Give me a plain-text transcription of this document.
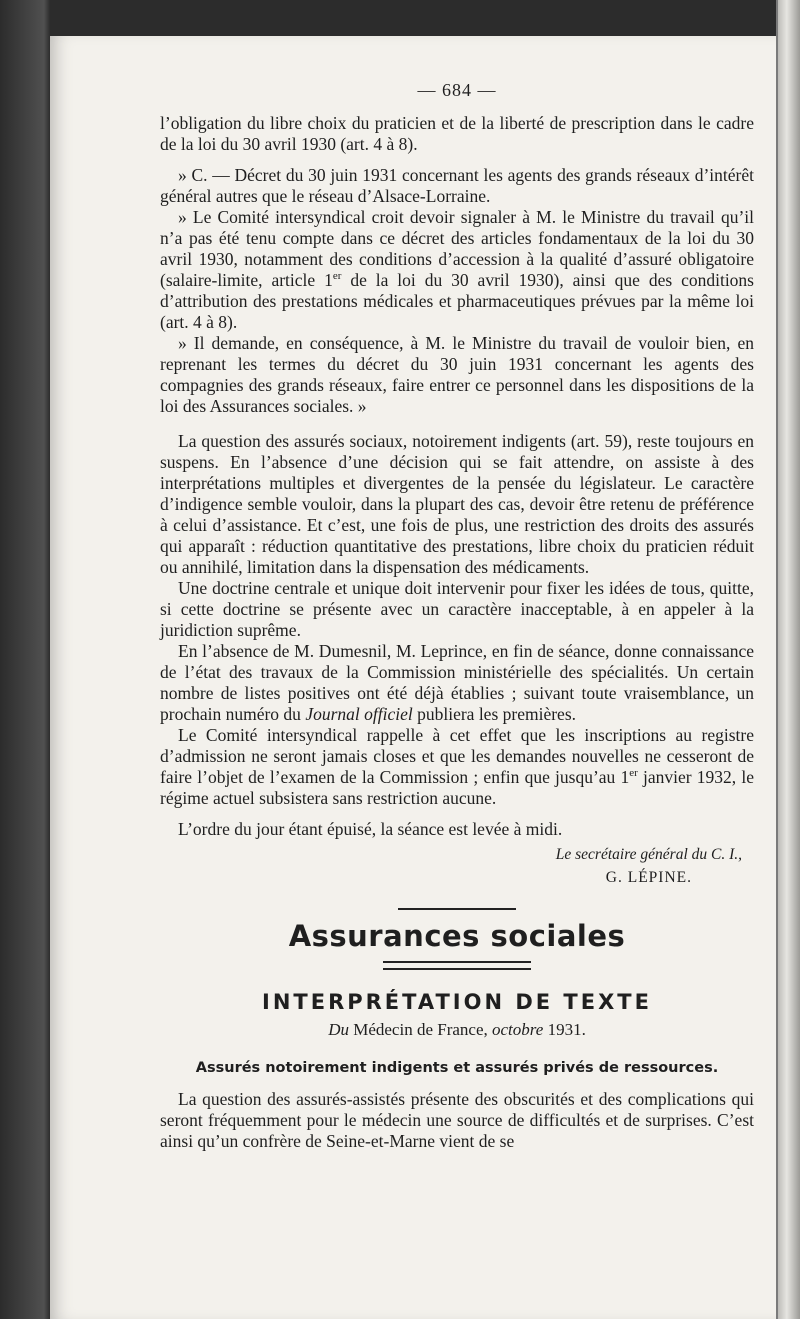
— 684 —

l’obligation du libre choix du praticien et de la liberté de prescription dans le cadre de la loi du 30 avril 1930 (art. 4 à 8).

» C. — Décret du 30 juin 1931 concernant les agents des grands réseaux d’intérêt général autres que le réseau d’Alsace-Lorraine.

» Le Comité intersyndical croit devoir signaler à M. le Ministre du travail qu’il n’a pas été tenu compte dans ce décret des articles fondamentaux de la loi du 30 avril 1930, notamment des conditions d’accession à la qualité d’assuré obligatoire (salaire-limite, article 1er de la loi du 30 avril 1930), ainsi que des conditions d’attribution des prestations médicales et pharmaceutiques prévues par la même loi (art. 4 à 8).

» Il demande, en conséquence, à M. le Ministre du travail de vouloir bien, en reprenant les termes du décret du 30 juin 1931 concernant les agents des compagnies des grands réseaux, faire entrer ce personnel dans les dispositions de la loi des Assurances sociales. »

La question des assurés sociaux, notoirement indigents (art. 59), reste toujours en suspens. En l’absence d’une décision qui se fait attendre, on assiste à des interprétations multiples et divergentes de la pensée du législateur. Le caractère d’indigence semble vouloir, dans la plupart des cas, devoir être retenu de préférence à celui d’assistance. Et c’est, une fois de plus, une restriction des droits des assurés qui apparaît : réduction quantitative des prestations, libre choix du praticien réduit ou annihilé, limitation dans la dispensation des médicaments.

Une doctrine centrale et unique doit intervenir pour fixer les idées de tous, quitte, si cette doctrine se présente avec un caractère inacceptable, à en appeler à la juridiction suprême.

En l’absence de M. Dumesnil, M. Leprince, en fin de séance, donne connaissance de l’état des travaux de la Commission ministérielle des spécialités. Un certain nombre de listes positives ont été déjà établies ; suivant toute vraisemblance, un prochain numéro du Journal officiel publiera les premières.

Le Comité intersyndical rappelle à cet effet que les inscriptions au registre d’admission ne seront jamais closes et que les demandes nouvelles ne cesseront de faire l’objet de l’examen de la Commission ; enfin que jusqu’au 1er janvier 1932, le régime actuel subsistera sans restriction aucune.

L’ordre du jour étant épuisé, la séance est levée à midi.

Le secrétaire général du C. I.,
G. LÉPINE.
Assurances sociales
INTERPRÉTATION DE TEXTE
Du Médecin de France, octobre 1931.
Assurés notoirement indigents et assurés privés de ressources.

La question des assurés-assistés présente des obscurités et des complications qui seront fréquemment pour le médecin une source de difficultés et de surprises. C’est ainsi qu’un confrère de Seine-et-Marne vient de se
